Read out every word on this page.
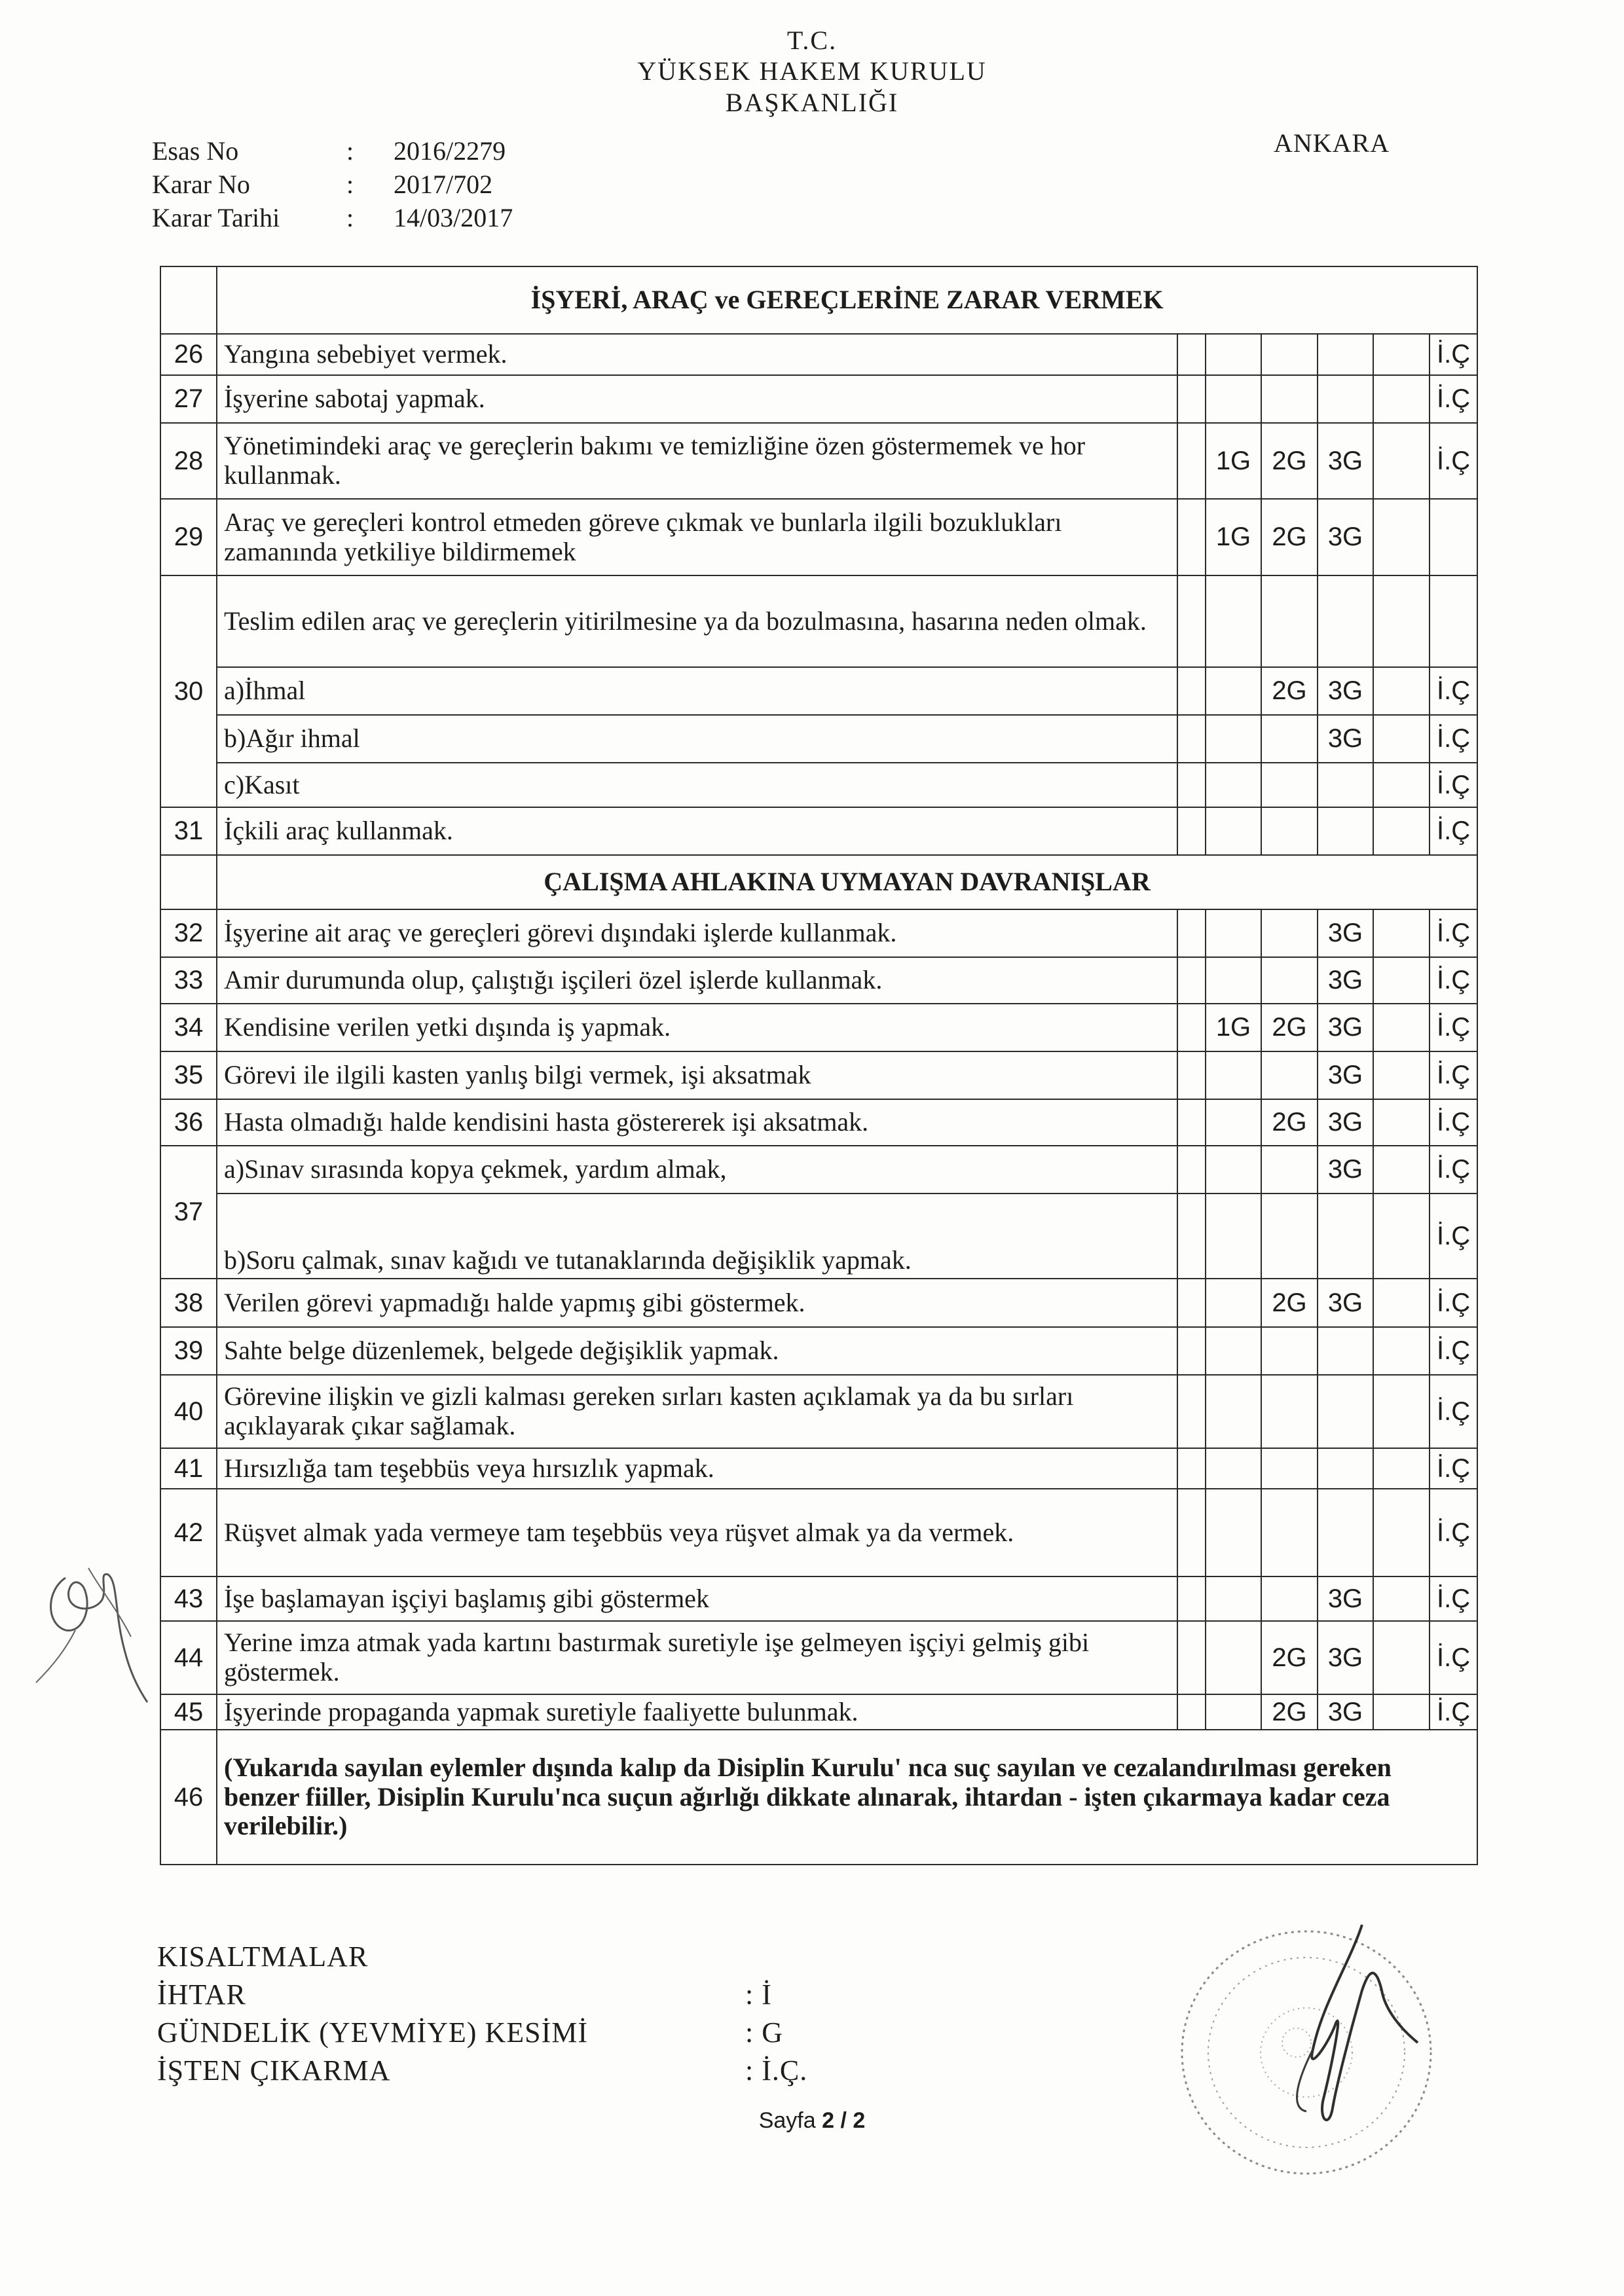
T.C.
YÜKSEK HAKEM KURULU
BAŞKANLIĞI
ANKARA
Esas No	:	2016/2279
Karar No	:	2017/702
Karar Tarihi	:	14/03/2017
	İŞYERİ, ARAÇ ve GEREÇLERİNE ZARAR VERMEK						
26	Yangına sebebiyet vermek.						İ.Ç
27	İşyerine sabotaj yapmak.						İ.Ç
28	Yönetimindeki araç ve gereçlerin bakımı ve temizliğine özen göstermemek ve hor kullanmak.		1G	2G	3G		İ.Ç
29	Araç ve gereçleri kontrol etmeden göreve çıkmak ve bunlarla ilgili bozuklukları zamanında yetkiliye bildirmemek		1G	2G	3G		
30	Teslim edilen araç ve gereçlerin yitirilmesine ya da bozulmasına, hasarına neden olmak.						
	a)İhmal			2G	3G		İ.Ç
	b)Ağır ihmal				3G		İ.Ç
	c)Kasıt						İ.Ç
31	İçkili araç kullanmak.						İ.Ç
	ÇALIŞMA AHLAKINA UYMAYAN DAVRANIŞLAR						
32	İşyerine ait araç ve gereçleri görevi dışındaki işlerde kullanmak.				3G		İ.Ç
33	Amir durumunda olup, çalıştığı işçileri özel işlerde kullanmak.				3G		İ.Ç
34	Kendisine verilen yetki dışında iş yapmak.		1G	2G	3G		İ.Ç
35	Görevi ile ilgili kasten yanlış bilgi vermek, işi aksatmak				3G		İ.Ç
36	Hasta olmadığı halde kendisini hasta göstererek işi aksatmak.			2G	3G		İ.Ç
37	a)Sınav sırasında kopya çekmek, yardım almak,				3G		İ.Ç
	b)Soru çalmak, sınav kağıdı ve tutanaklarında değişiklik yapmak.						İ.Ç
38	Verilen görevi yapmadığı halde yapmış gibi göstermek.			2G	3G		İ.Ç
39	Sahte belge düzenlemek, belgede değişiklik yapmak.						İ.Ç
40	Görevine ilişkin ve gizli kalması gereken sırları kasten açıklamak ya da bu sırları açıklayarak çıkar sağlamak.						İ.Ç
41	Hırsızlığa tam teşebbüs veya hırsızlık yapmak.						İ.Ç
42	Rüşvet almak yada vermeye tam teşebbüs veya rüşvet almak ya da vermek.						İ.Ç
43	İşe başlamayan işçiyi başlamış gibi göstermek				3G		İ.Ç
44	Yerine imza atmak yada kartını bastırmak suretiyle işe gelmeyen işçiyi gelmiş gibi göstermek.			2G	3G		İ.Ç
45	İşyerinde propaganda yapmak suretiyle faaliyette bulunmak.			2G	3G		İ.Ç
46	(Yukarıda sayılan eylemler dışında kalıp da Disiplin Kurulu' nca suç sayılan ve cezalandırılması gereken benzer fiiller, Disiplin Kurulu'nca suçun ağırlığı dikkate alınarak, ihtardan - işten çıkarmaya kadar ceza verilebilir.)						
KISALTMALAR
İHTAR	: İ
GÜNDELİK (YEVMİYE) KESİMİ	: G
İŞTEN ÇIKARMA	: İ.Ç.
Sayfa 2 / 2
